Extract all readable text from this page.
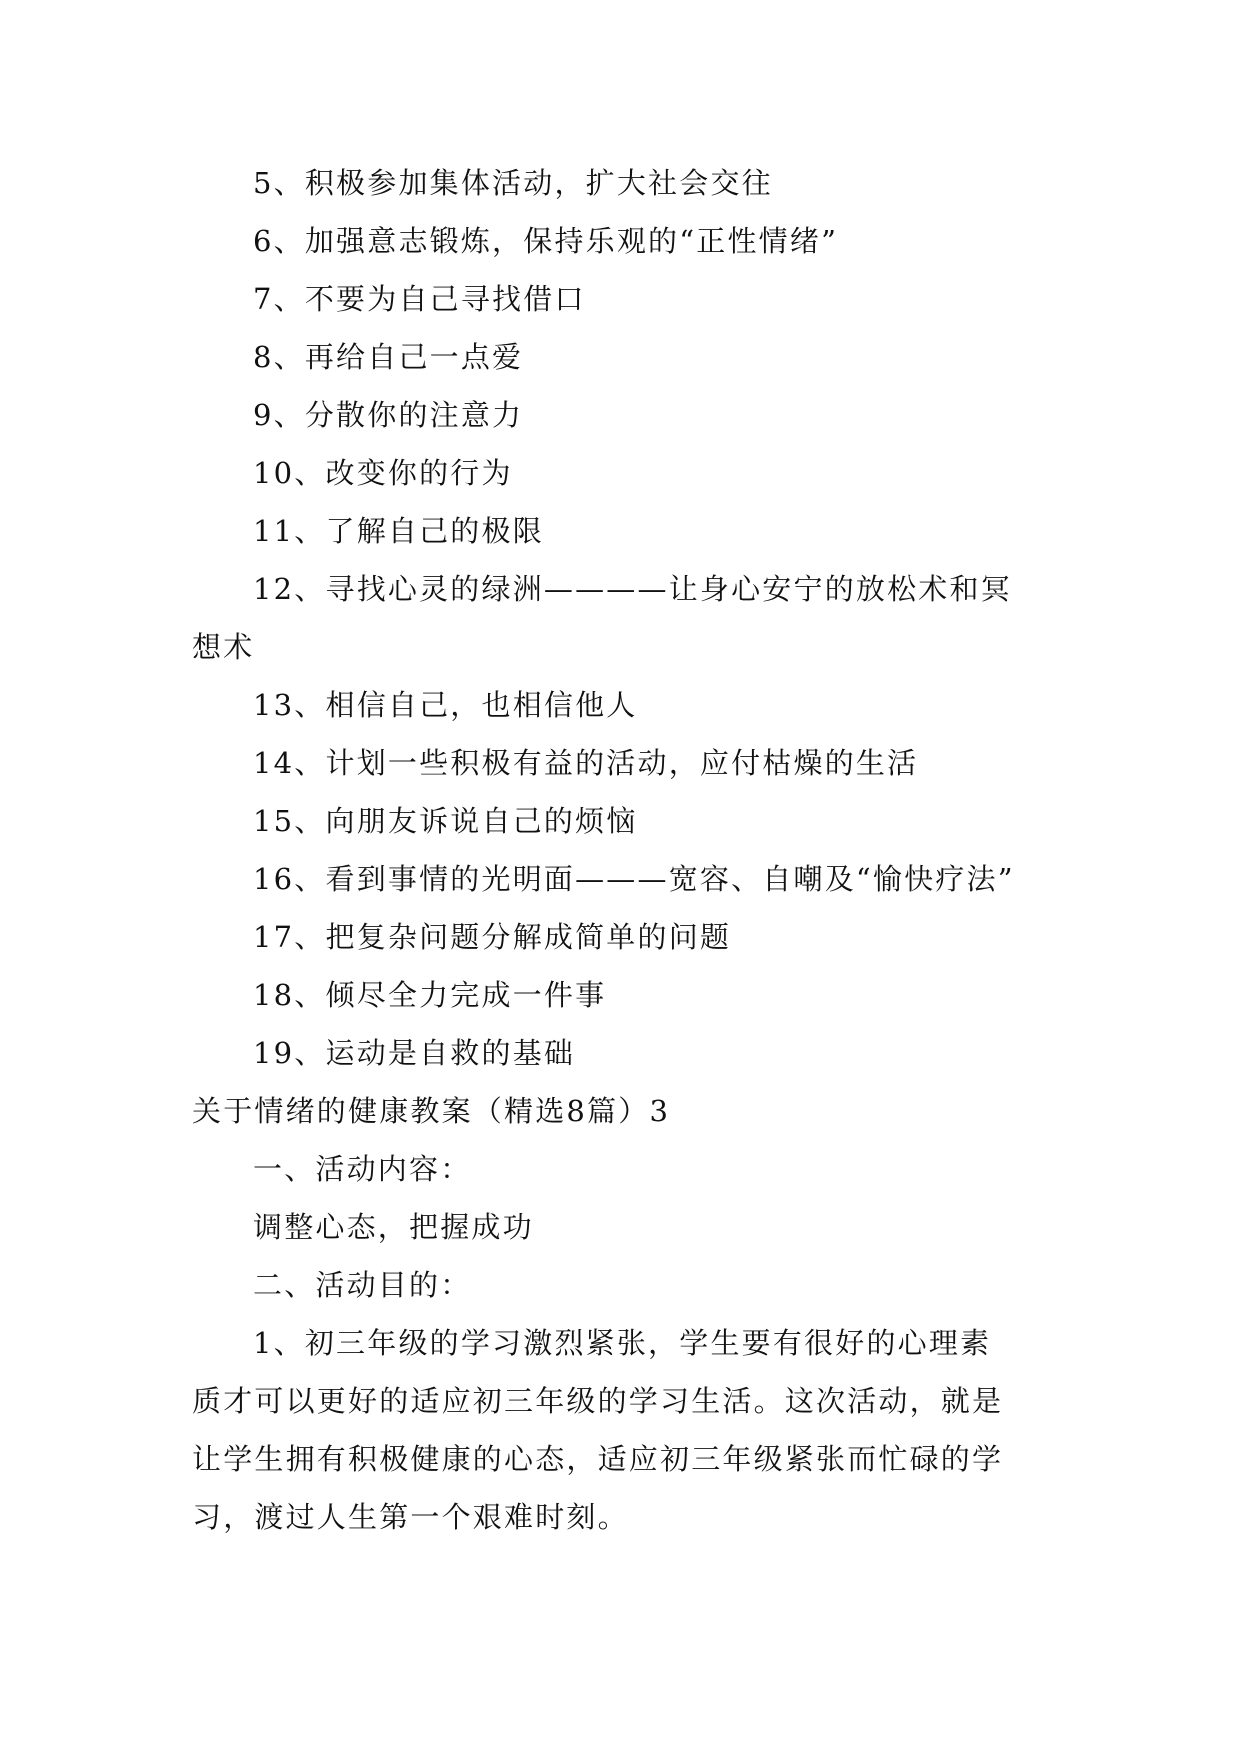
5、积极参加集体活动，扩大社会交往
6、加强意志锻炼，保持乐观的“正性情绪”
7、不要为自己寻找借口
8、再给自己一点爱
9、分散你的注意力
10、改变你的行为
11、了解自己的极限
12、寻找心灵的绿洲————让身心安宁的放松术和冥
想术
13、相信自己，也相信他人
14、计划一些积极有益的活动，应付枯燥的生活
15、向朋友诉说自己的烦恼
16、看到事情的光明面———宽容、自嘲及“愉快疗法”
17、把复杂问题分解成简单的问题
18、倾尽全力完成一件事
19、运动是自救的基础
关于情绪的健康教案（精选8篇）3
一、活动内容：
调整心态，把握成功
二、活动目的：
1、初三年级的学习激烈紧张，学生要有很好的心理素
质才可以更好的适应初三年级的学习生活。这次活动，就是
让学生拥有积极健康的心态，适应初三年级紧张而忙碌的学
习，渡过人生第一个艰难时刻。
